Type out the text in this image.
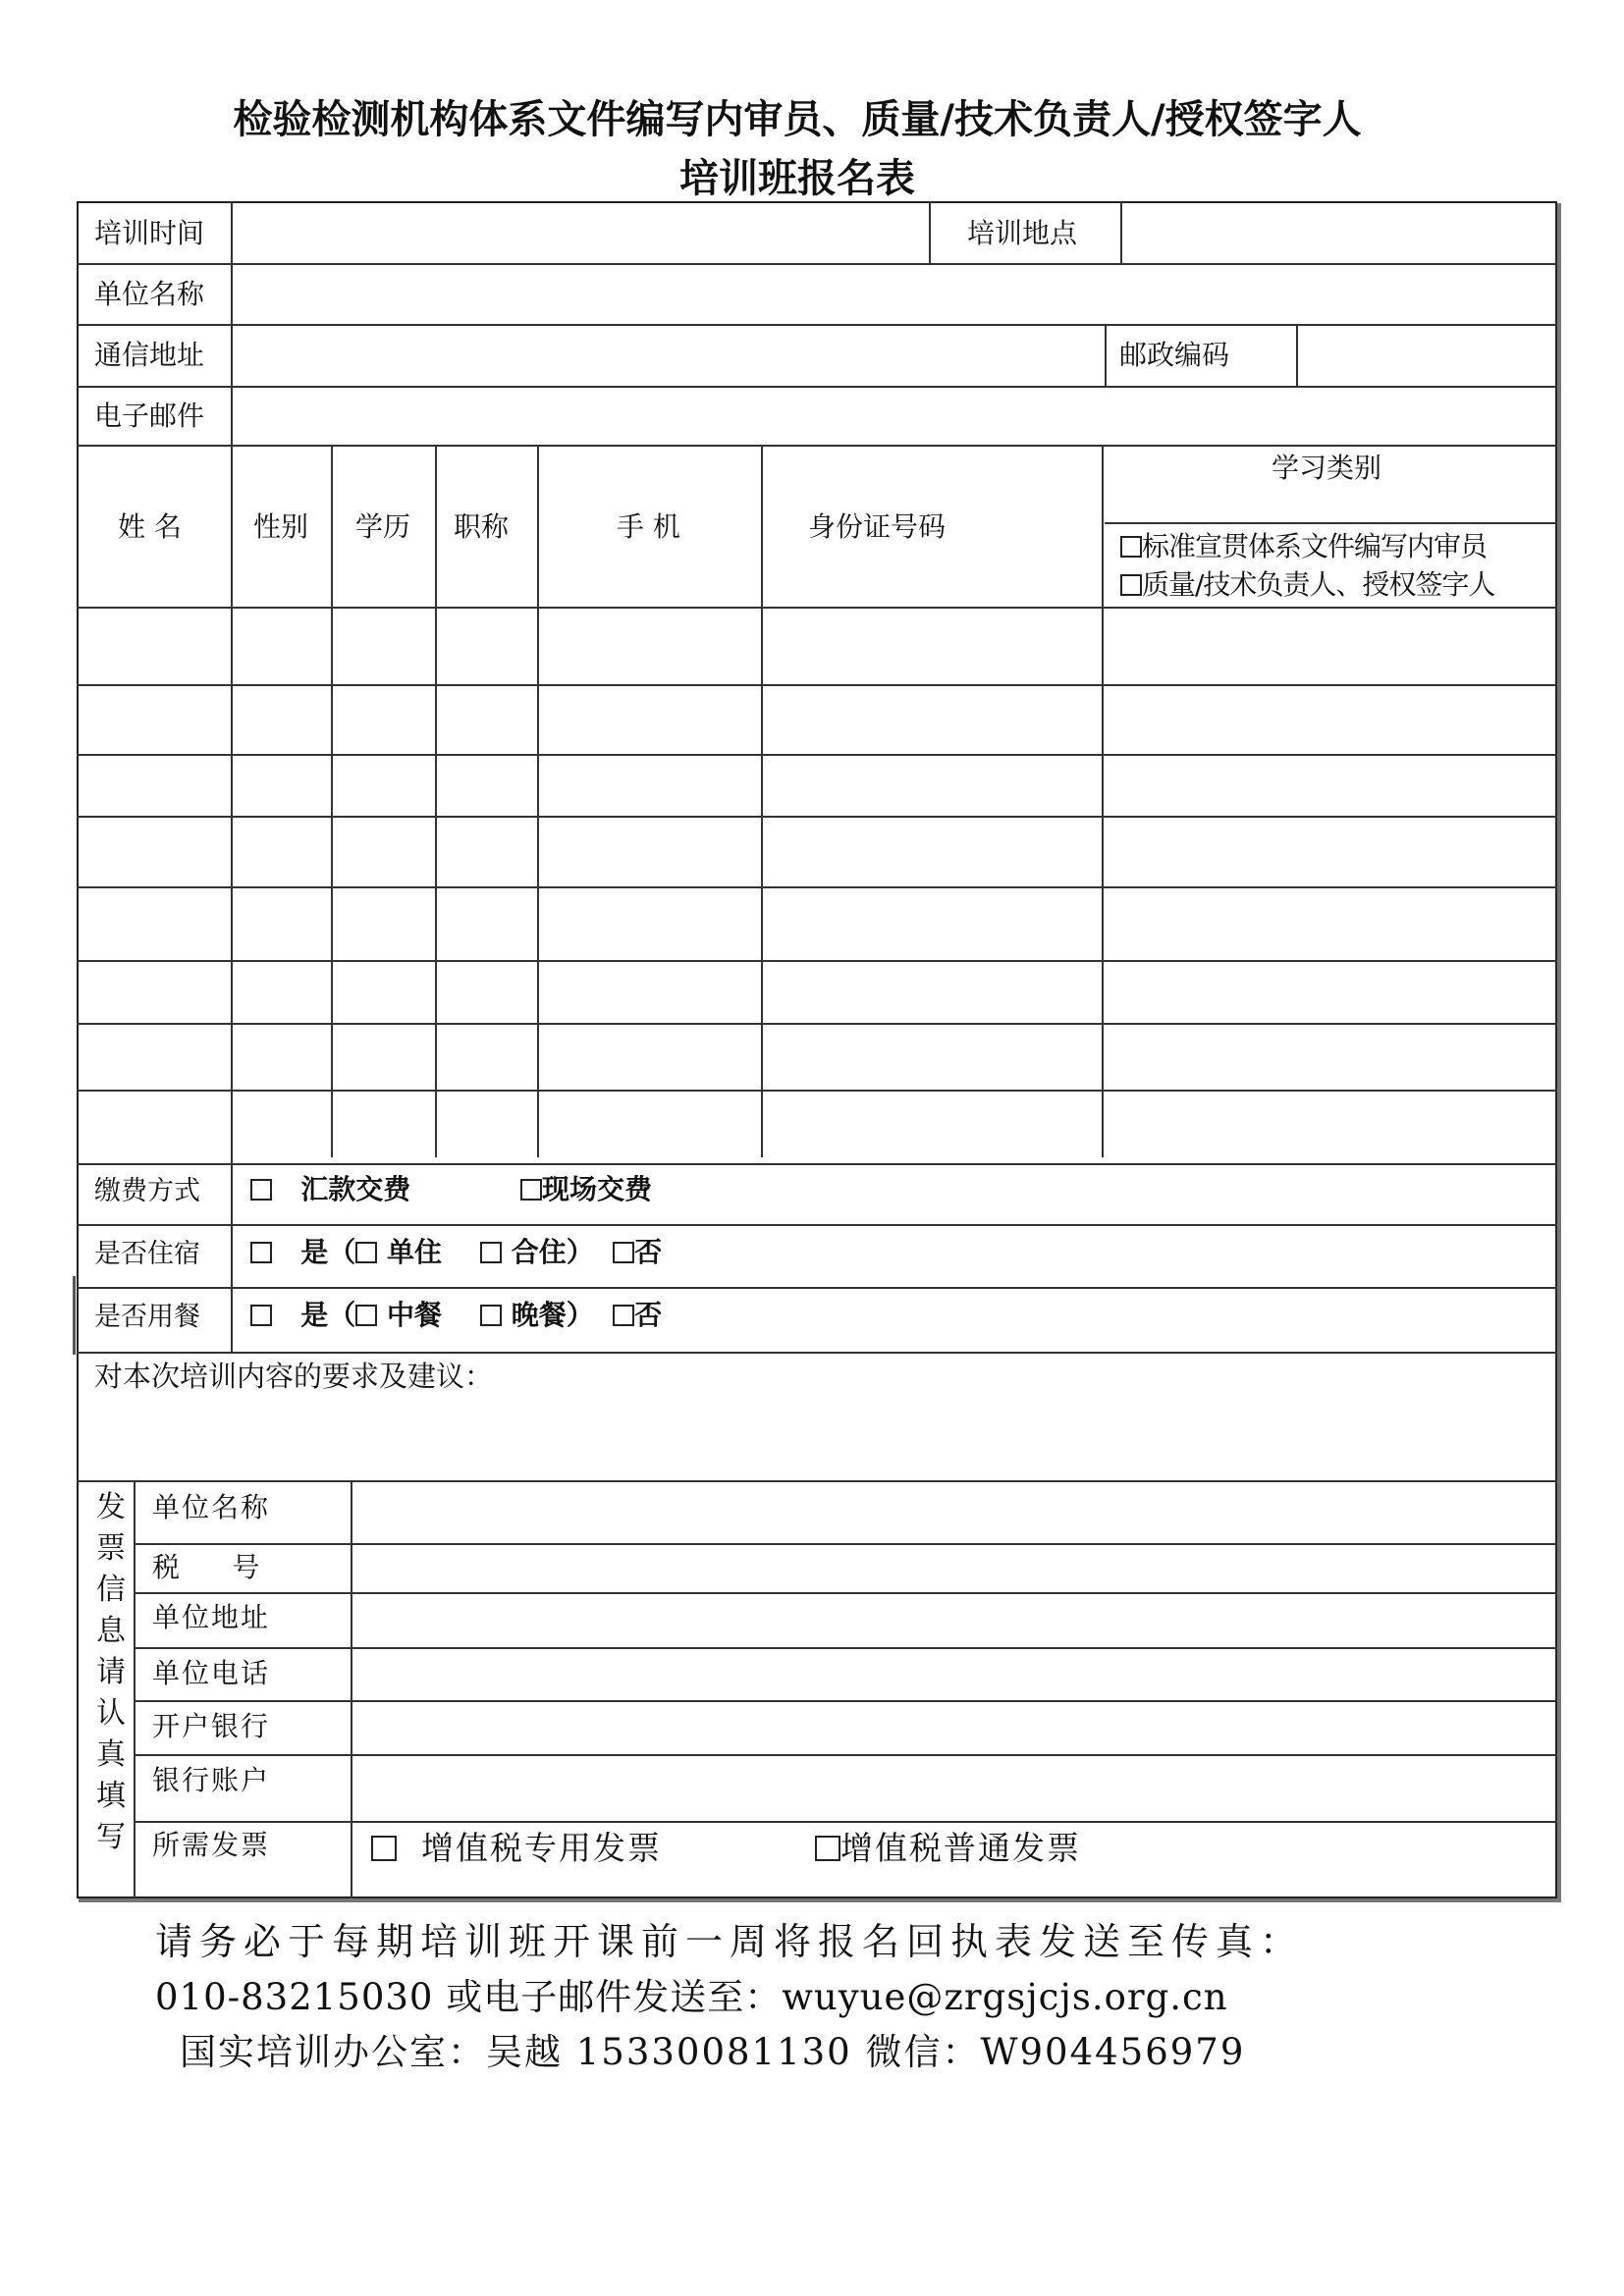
检验检测机构体系文件编写内审员、质量/技术负责人/授权签字人
培训班报名表
培训时间	培训地点
单位名称
通信地址	邮政编码
电子邮件
姓 名	性别 学历 职称	手 机	身份证号码
学习类别
标准宣贯体系文件编写内审员
质量/技术负责人、授权签字人
缴费方式	汇款交费	现场交费
是否住宿	是（ 单住	合住） 否
是否用餐	是（ 中餐	晚餐） 否
对本次培训内容的要求及建议：
发票信息请认真填写
单位名称
税      号
单位地址
单位电话
开户银行
银行账户
所需发票	增值税专用发票	增值税普通发票
请务必于每期培训班开课前一周将报名回执表发送至传真：
010-83215030 或电子邮件发送至：wuyue@zrgsjcjs.org.cn
国实培训办公室：吴越 15330081130 微信：W904456979
